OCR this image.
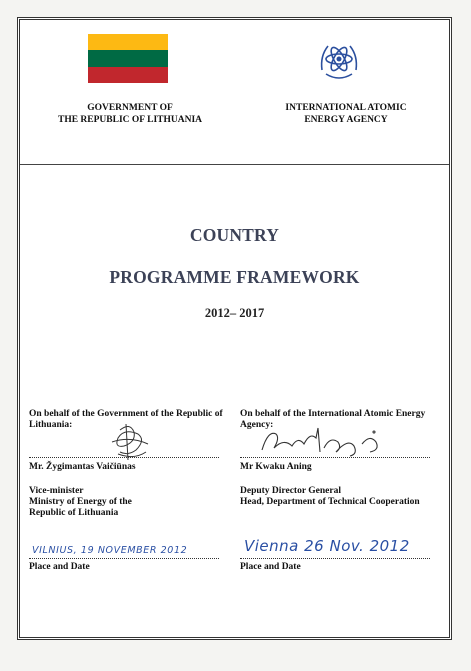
GOVERNMENT OF
THE REPUBLIC OF LITHUANIA
INTERNATIONAL ATOMIC
ENERGY AGENCY
COUNTRY
PROGRAMME FRAMEWORK
2012– 2017
On behalf of the Government of the Republic of Lithuania:
Mr. Žygimantas Vaičiūnas
Vice-minister
Ministry of Energy of the
Republic of Lithuania
VILNIUS, 19 NOVEMBER 2012
Place and Date
On behalf of the International Atomic Energy Agency:
Mr Kwaku Aning
Deputy Director General
Head, Department of Technical Cooperation
Vienna 26 Nov. 2012
Place and Date
